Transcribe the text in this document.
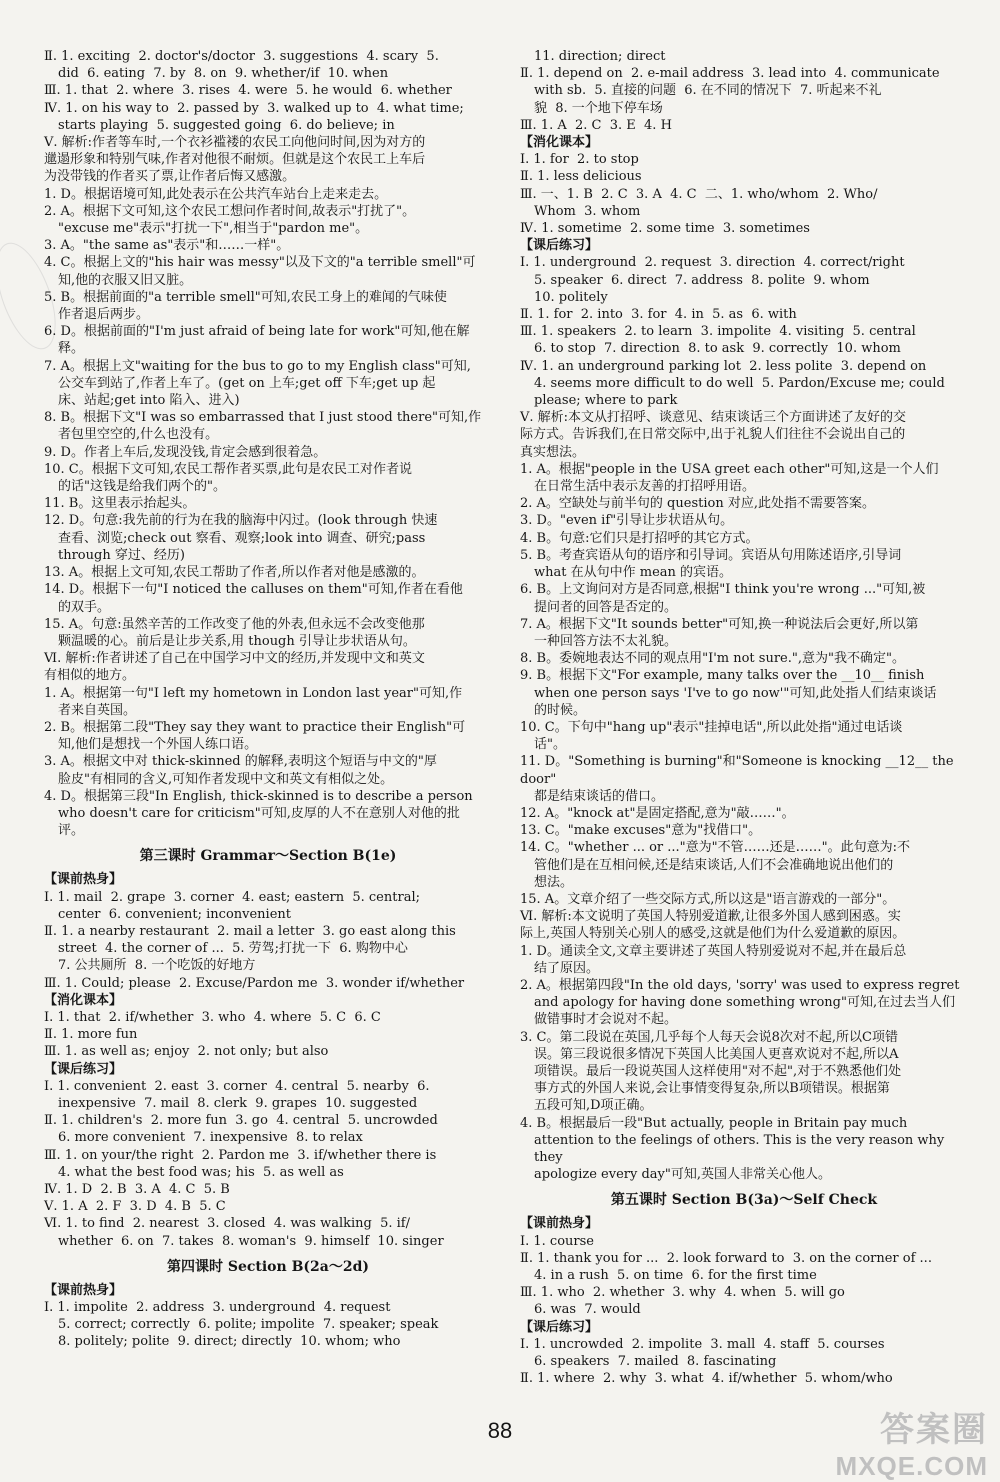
Ⅱ. 1. exciting  2. doctor's/doctor  3. suggestions  4. scary  5.
did  6. eating  7. by  8. on  9. whether/if  10. when
Ⅲ. 1. that  2. where  3. rises  4. were  5. he would  6. whether
Ⅳ. 1. on his way to  2. passed by  3. walked up to  4. what time;
starts playing  5. suggested going  6. do believe; in
Ⅴ. 解析:作者等车时,一个衣衫褴褛的农民工向他问时间,因为对方的
邋遢形象和特别气味,作者对他很不耐烦。但就是这个农民工上车后
为没带钱的作者买了票,让作者后悔又感激。
1. D。根据语境可知,此处表示在公共汽车站台上走来走去。
2. A。根据下文可知,这个农民工想问作者时间,故表示"打扰了"。
"excuse me"表示"打扰一下",相当于"pardon me"。
3. A。"the same as"表示"和……一样"。
4. C。根据上文的"his hair was messy"以及下文的"a terrible smell"可
知,他的衣服又旧又脏。
5. B。根据前面的"a terrible smell"可知,农民工身上的难闻的气味使
作者退后两步。
6. D。根据前面的"I'm just afraid of being late for work"可知,他在解
释。
7. A。根据上文"waiting for the bus to go to my English class"可知,
公交车到站了,作者上车了。(get on 上车;get off 下车;get up 起
床、站起;get into 陷入、进入)
8. B。根据下文"I was so embarrassed that I just stood there"可知,作
者包里空空的,什么也没有。
9. D。作者上车后,发现没钱,肯定会感到很着急。
10. C。根据下文可知,农民工帮作者买票,此句是农民工对作者说
的话"这钱是给我们两个的"。
11. B。这里表示抬起头。
12. D。句意:我先前的行为在我的脑海中闪过。(look through 快速
查看、浏览;check out 察看、观察;look into 调查、研究;pass
through 穿过、经历)
13. A。根据上文可知,农民工帮助了作者,所以作者对他是感激的。
14. D。根据下一句"I noticed the calluses on them"可知,作者在看他
的双手。
15. A。句意:虽然辛苦的工作改变了他的外表,但永远不会改变他那
颗温暖的心。前后是让步关系,用 though 引导让步状语从句。
Ⅵ. 解析:作者讲述了自己在中国学习中文的经历,并发现中文和英文
有相似的地方。
1. A。根据第一句"I left my hometown in London last year"可知,作
者来自英国。
2. B。根据第二段"They say they want to practice their English"可
知,他们是想找一个外国人练口语。
3. A。根据文中对 thick-skinned 的解释,表明这个短语与中文的"厚
脸皮"有相同的含义,可知作者发现中文和英文有相似之处。
4. D。根据第三段"In English, thick-skinned is to describe a person
who doesn't care for criticism"可知,皮厚的人不在意别人对他的批
评。
第三课时 Grammar～Section B(1e)
【课前热身】
Ⅰ. 1. mail  2. grape  3. corner  4. east; eastern  5. central;
center  6. convenient; inconvenient
Ⅱ. 1. a nearby restaurant  2. mail a letter  3. go east along this
street  4. the corner of ...  5. 劳驾;打扰一下  6. 购物中心
7. 公共厕所  8. 一个吃饭的好地方
Ⅲ. 1. Could; please  2. Excuse/Pardon me  3. wonder if/whether
【消化课本】
Ⅰ. 1. that  2. if/whether  3. who  4. where  5. C  6. C
Ⅱ. 1. more fun
Ⅲ. 1. as well as; enjoy  2. not only; but also
【课后练习】
Ⅰ. 1. convenient  2. east  3. corner  4. central  5. nearby  6.
inexpensive  7. mail  8. clerk  9. grapes  10. suggested
Ⅱ. 1. children's  2. more fun  3. go  4. central  5. uncrowded
6. more convenient  7. inexpensive  8. to relax
Ⅲ. 1. on your/the right  2. Pardon me  3. if/whether there is
4. what the best food was; his  5. as well as
Ⅳ. 1. D  2. B  3. A  4. C  5. B
Ⅴ. 1. A  2. F  3. D  4. B  5. C
Ⅵ. 1. to find  2. nearest  3. closed  4. was walking  5. if/
whether  6. on  7. takes  8. woman's  9. himself  10. singer
第四课时 Section B(2a～2d)
【课前热身】
Ⅰ. 1. impolite  2. address  3. underground  4. request
5. correct; correctly  6. polite; impolite  7. speaker; speak
8. politely; polite  9. direct; directly  10. whom; who
11. direction; direct
Ⅱ. 1. depend on  2. e-mail address  3. lead into  4. communicate
with sb.  5. 直接的问题  6. 在不同的情况下  7. 听起来不礼
貌  8. 一个地下停车场
Ⅲ. 1. A  2. C  3. E  4. H
【消化课本】
Ⅰ. 1. for  2. to stop
Ⅱ. 1. less delicious
Ⅲ. 一、1. B  2. C  3. A  4. C  二、1. who/whom  2. Who/
Whom  3. whom
Ⅳ. 1. sometime  2. some time  3. sometimes
【课后练习】
Ⅰ. 1. underground  2. request  3. direction  4. correct/right
5. speaker  6. direct  7. address  8. polite  9. whom
10. politely
Ⅱ. 1. for  2. into  3. for  4. in  5. as  6. with
Ⅲ. 1. speakers  2. to learn  3. impolite  4. visiting  5. central
6. to stop  7. direction  8. to ask  9. correctly  10. whom
Ⅳ. 1. an underground parking lot  2. less polite  3. depend on
4. seems more difficult to do well  5. Pardon/Excuse me; could
please; where to park
Ⅴ. 解析:本文从打招呼、谈意见、结束谈话三个方面讲述了友好的交
际方式。告诉我们,在日常交际中,出于礼貌人们往往不会说出自己的
真实想法。
1. A。根据"people in the USA greet each other"可知,这是一个人们
在日常生活中表示友善的打招呼用语。
2. A。空缺处与前半句的 question 对应,此处指不需要答案。
3. D。"even if"引导让步状语从句。
4. B。句意:它们只是打招呼的其它方式。
5. B。考查宾语从句的语序和引导词。宾语从句用陈述语序,引导词
what 在从句中作 mean 的宾语。
6. B。上文询问对方是否同意,根据"I think you're wrong ..."可知,被
提问者的回答是否定的。
7. A。根据下文"It sounds better"可知,换一种说法后会更好,所以第
一种回答方法不太礼貌。
8. B。委婉地表达不同的观点用"I'm not sure.",意为"我不确定"。
9. B。根据下文"For example, many talks over the __10__ finish
when one person says 'I've to go now'"可知,此处指人们结束谈话
的时候。
10. C。下句中"hang up"表示"挂掉电话",所以此处指"通过电话谈
话"。
11. D。"Something is burning"和"Someone is knocking __12__ the door"
都是结束谈话的借口。
12. A。"knock at"是固定搭配,意为"敲……"。
13. C。"make excuses"意为"找借口"。
14. C。"whether ... or ..."意为"不管……还是……"。此句意为:不
管他们是在互相问候,还是结束谈话,人们不会准确地说出他们的
想法。
15. A。文章介绍了一些交际方式,所以这是"语言游戏的一部分"。
Ⅵ. 解析:本文说明了英国人特别爱道歉,让很多外国人感到困惑。实
际上,英国人特别关心别人的感受,这就是他们为什么爱道歉的原因。
1. D。通读全文,文章主要讲述了英国人特别爱说对不起,并在最后总
结了原因。
2. A。根据第四段"In the old days, 'sorry' was used to express regret
and apology for having done something wrong"可知,在过去当人们
做错事时才会说对不起。
3. C。第二段说在英国,几乎每个人每天会说8次对不起,所以C项错
误。第三段说很多情况下英国人比美国人更喜欢说对不起,所以A
项错误。最后一段说英国人这样使用"对不起",对于不熟悉他们处
事方式的外国人来说,会让事情变得复杂,所以B项错误。根据第
五段可知,D项正确。
4. B。根据最后一段"But actually, people in Britain pay much
attention to the feelings of others. This is the very reason why they
apologize every day"可知,英国人非常关心他人。
第五课时 Section B(3a)～Self Check
【课前热身】
Ⅰ. 1. course
Ⅱ. 1. thank you for ...  2. look forward to  3. on the corner of ...
4. in a rush  5. on time  6. for the first time
Ⅲ. 1. who  2. whether  3. why  4. when  5. will go
6. was  7. would
【课后练习】
Ⅰ. 1. uncrowded  2. impolite  3. mall  4. staff  5. courses
6. speakers  7. mailed  8. fascinating
Ⅱ. 1. where  2. why  3. what  4. if/whether  5. whom/who
88	答案圈
MXQE.COM
